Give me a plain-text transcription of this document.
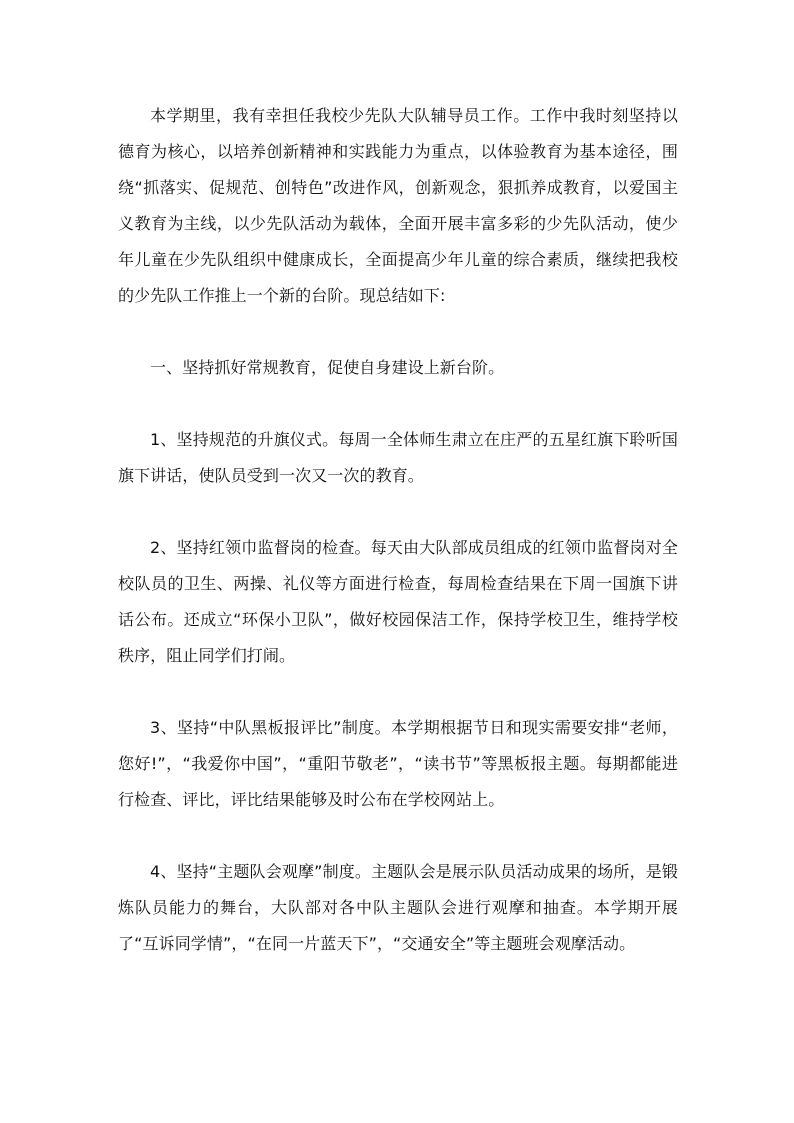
本学期里，我有幸担任我校少先队大队辅导员工作。工作中我时刻坚持以德育为核心，以培养创新精神和实践能力为重点，以体验教育为基本途径，围绕“抓落实、促规范、创特色”改进作风，创新观念，狠抓养成教育，以爱国主义教育为主线，以少先队活动为载体，全面开展丰富多彩的少先队活动，使少年儿童在少先队组织中健康成长，全面提高少年儿童的综合素质，继续把我校的少先队工作推上一个新的台阶。现总结如下:

一、坚持抓好常规教育，促使自身建设上新台阶。

1、坚持规范的升旗仪式。每周一全体师生肃立在庄严的五星红旗下聆听国旗下讲话，使队员受到一次又一次的教育。

2、坚持红领巾监督岗的检查。每天由大队部成员组成的红领巾监督岗对全校队员的卫生、两操、礼仪等方面进行检查，每周检查结果在下周一国旗下讲话公布。还成立“环保小卫队”，做好校园保洁工作，保持学校卫生，维持学校秩序，阻止同学们打闹。

3、坚持“中队黑板报评比”制度。本学期根据节日和现实需要安排“老师，您好!”，“我爱你中国”，“重阳节敬老”，“读书节”等黑板报主题。每期都能进行检查、评比，评比结果能够及时公布在学校网站上。

4、坚持“主题队会观摩”制度。主题队会是展示队员活动成果的场所，是锻炼队员能力的舞台，大队部对各中队主题队会进行观摩和抽查。本学期开展了“互诉同学情”，“在同一片蓝天下”，“交通安全”等主题班会观摩活动。
